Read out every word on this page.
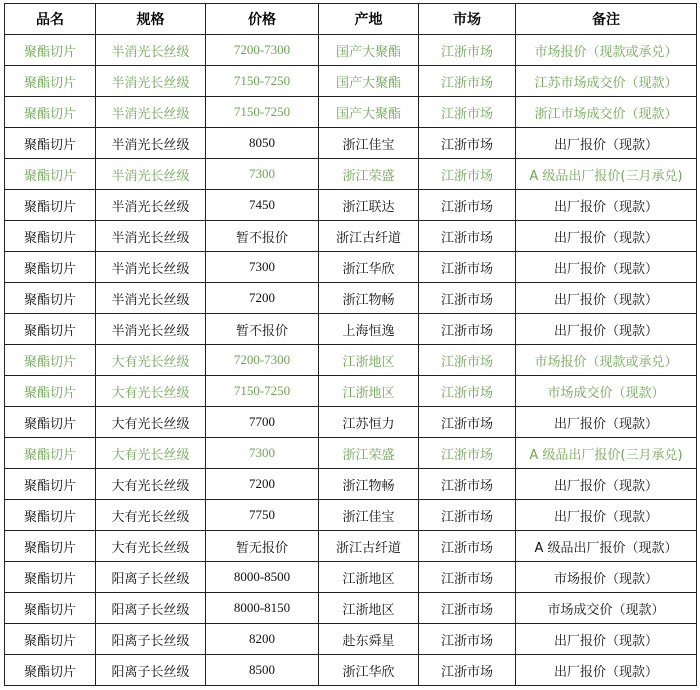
品名	规格	价格	产地	市场	备注
聚酯切片	半消光长丝级	7200-7300	国产大聚酯	江浙市场	市场报价（现款或承兑）
聚酯切片	半消光长丝级	7150-7250	国产大聚酯	江浙市场	江苏市场成交价（现款）
聚酯切片	半消光长丝级	7150-7250	国产大聚酯	江浙市场	浙江市场成交价（现款）
聚酯切片	半消光长丝级	8050	浙江佳宝	江浙市场	出厂报价（现款）
聚酯切片	半消光长丝级	7300	浙江荣盛	江浙市场	A 级品出厂报价(三月承兑)
聚酯切片	半消光长丝级	7450	浙江联达	江浙市场	出厂报价（现款）
聚酯切片	半消光长丝级	暂不报价	浙江古纤道	江浙市场	出厂报价（现款）
聚酯切片	半消光长丝级	7300	浙江华欣	江浙市场	出厂报价（现款）
聚酯切片	半消光长丝级	7200	浙江物畅	江浙市场	出厂报价（现款）
聚酯切片	半消光长丝级	暂不报价	上海恒逸	江浙市场	出厂报价（现款）
聚酯切片	大有光长丝级	7200-7300	江浙地区	江浙市场	市场报价（现款或承兑）
聚酯切片	大有光长丝级	7150-7250	江浙地区	江浙市场	市场成交价（现款）
聚酯切片	大有光长丝级	7700	江苏恒力	江浙市场	出厂报价（现款）
聚酯切片	大有光长丝级	7300	浙江荣盛	江浙市场	A 级品出厂报价(三月承兑)
聚酯切片	大有光长丝级	7200	浙江物畅	江浙市场	出厂报价（现款）
聚酯切片	大有光长丝级	7750	浙江佳宝	江浙市场	出厂报价（现款）
聚酯切片	大有光长丝级	暂无报价	浙江古纤道	江浙市场	A 级品出厂报价（现款）
聚酯切片	阳离子长丝级	8000-8500	江浙地区	江浙市场	市场报价（现款）
聚酯切片	阳离子长丝级	8000-8150	江浙地区	江浙市场	市场成交价（现款）
聚酯切片	阳离子长丝级	8200	赴东舜星	江浙市场	出厂报价（现款）
聚酯切片	阳离子长丝级	8500	浙江华欣	江浙市场	出厂报价（现款）
